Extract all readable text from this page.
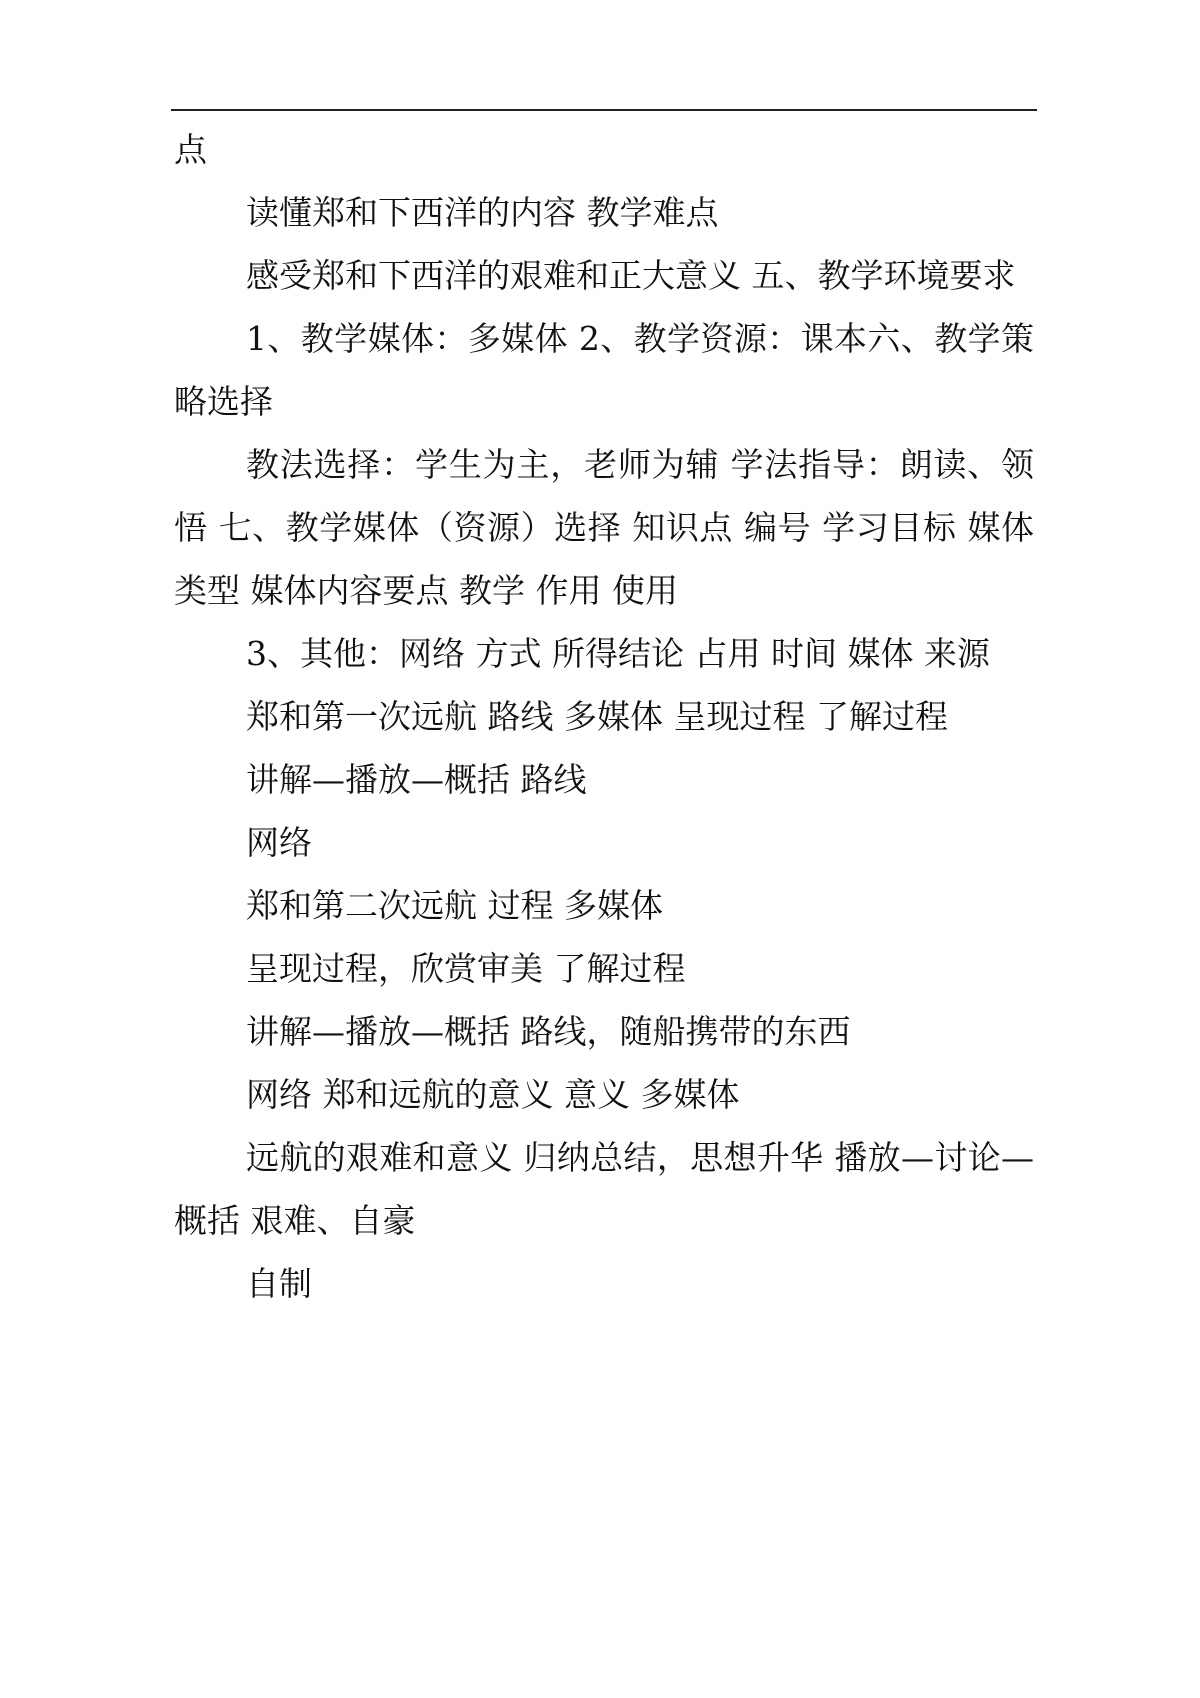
点

读懂郑和下西洋的内容 教学难点

感受郑和下西洋的艰难和正大意义 五、教学环境要求

1、教学媒体：多媒体 2、教学资源：课本六、教学策略选择

教法选择：学生为主，老师为辅 学法指导：朗读、领悟 七、教学媒体（资源）选择 知识点 编号 学习目标 媒体 类型 媒体内容要点 教学 作用 使用

3、其他：网络 方式 所得结论 占用 时间 媒体 来源

郑和第一次远航 路线 多媒体 呈现过程 了解过程

讲解—播放—概括 路线

网络

郑和第二次远航 过程 多媒体

呈现过程，欣赏审美 了解过程

讲解—播放—概括 路线，随船携带的东西

网络 郑和远航的意义 意义 多媒体

远航的艰难和意义 归纳总结，思想升华 播放—讨论—概括 艰难、自豪

自制
